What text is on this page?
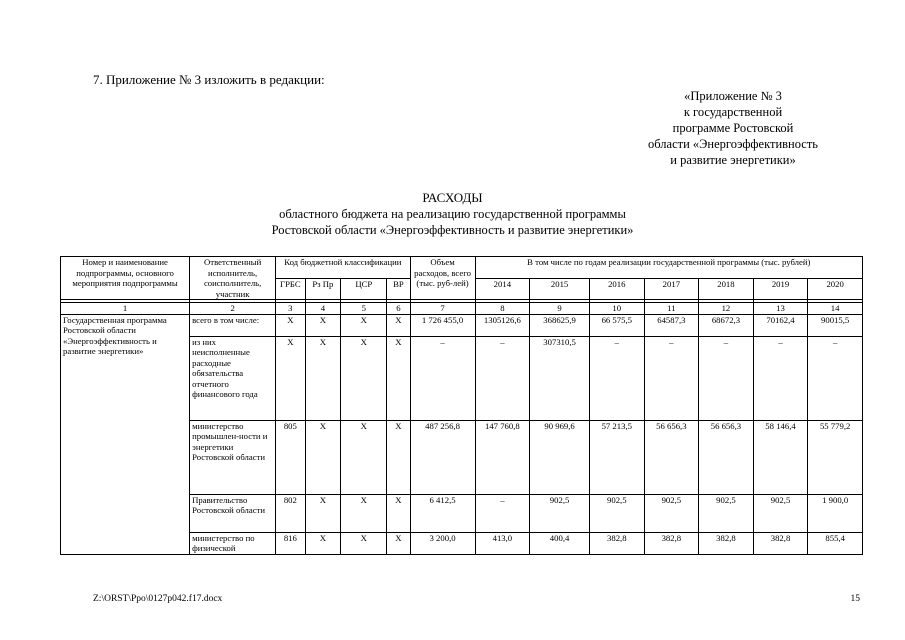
7. Приложение № 3 изложить в редакции:
«Приложение № 3
к государственной
программе Ростовской
области «Энергоэффективность
и развитие энергетики»
РАСХОДЫ
областного бюджета на реализацию государственной программы
Ростовской области «Энергоэффективность и развитие энергетики»
Номер и наименование подпрограммы, основного мероприятия подпрограммы	Ответственный исполнитель, соисполнитель, участник	Код бюджетной классификации				Объем расходов, всего (тыс. руб-лей)	В том числе по годам реализации государственной программы (тыс. рублей)						
		ГРБС	Рз Пр	ЦСР	ВР		2014	2015	2016	2017	2018	2019	2020

1	2	3	4	5	6	7	8	9	10	11	12	13	14
Государственная программа Ростовской области «Энергоэффективность и развитие энергетики»	всего в том числе:	X	X	X	X	1 726 455,0	1305126,6	368625,9	66 575,5	64587,3	68672,3	70162,4	90015,5
	из них неисполненные расходные обязательства отчетного финансового года	X	X	X	X	–	–	307310,5	–	–	–	–	–
	министерство промышлен-ности и энергетики Ростовской области	805	X	X	X	487 256,8	147 760,8	90 969,6	57 213,5	56 656,3	56 656,3	58 146,4	55 779,2
	Правительство Ростовской области	802	X	X	X	6 412,5	–	902,5	902,5	902,5	902,5	902,5	1 900,0
	министерство по физической	816	X	X	X	3 200,0	413,0	400,4	382,8	382,8	382,8	382,8	855,4
Z:\ORST\Ppo\0127p042.f17.docx	15
